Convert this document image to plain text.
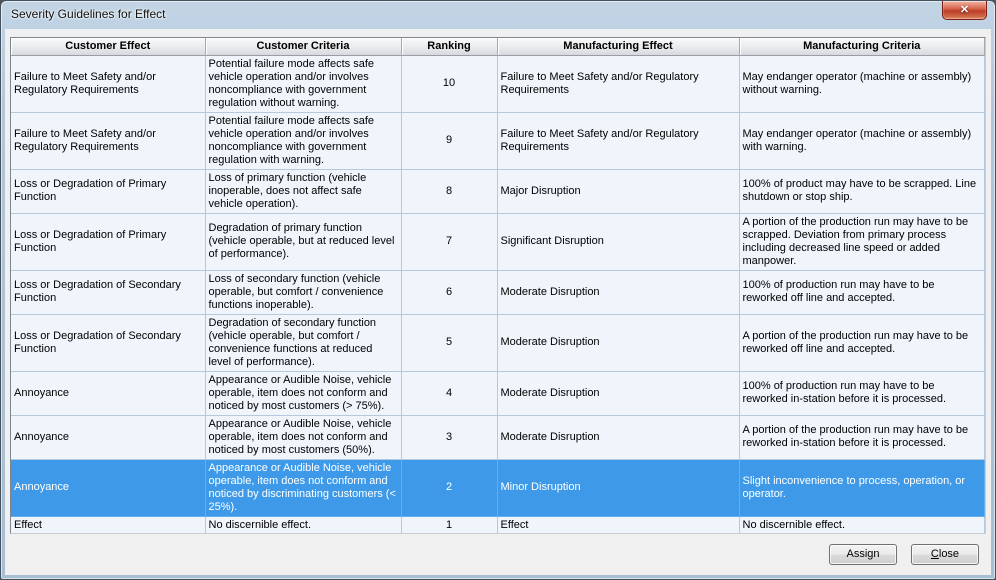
Severity Guidelines for Effect	✕
Customer Effect	Customer Criteria	Ranking	Manufacturing Effect	Manufacturing Criteria
Failure to Meet Safety and/or Regulatory Requirements	Potential failure mode affects safe vehicle operation and/or involves noncompliance with government regulation without warning.	10	Failure to Meet Safety and/or Regulatory Requirements	May endanger operator (machine or assembly) without warning.
Failure to Meet Safety and/or Regulatory Requirements	Potential failure mode affects safe vehicle operation and/or involves noncompliance with government regulation with warning.	9	Failure to Meet Safety and/or Regulatory Requirements	May endanger operator (machine or assembly) with warning.
Loss or Degradation of Primary Function	Loss of primary function (vehicle inoperable, does not affect safe vehicle operation).	8	Major Disruption	100% of product may have to be scrapped. Line shutdown or stop ship.
Loss or Degradation of Primary Function	Degradation of primary function (vehicle operable, but at reduced level of performance).	7	Significant Disruption	A portion of the production run may have to be scrapped. Deviation from primary process including decreased line speed or added manpower.
Loss or Degradation of Secondary Function	Loss of secondary function (vehicle operable, but comfort / convenience functions inoperable).	6	Moderate Disruption	100% of production run may have to be reworked off line and accepted.
Loss or Degradation of Secondary Function	Degradation of secondary function (vehicle operable, but comfort / convenience functions at reduced level of performance).	5	Moderate Disruption	A portion of the production run may have to be reworked off line and accepted.
Annoyance	Appearance or Audible Noise, vehicle operable, item does not conform and noticed by most customers (> 75%).	4	Moderate Disruption	100% of production run may have to be reworked in-station before it is processed.
Annoyance	Appearance or Audible Noise, vehicle operable, item does not conform and noticed by most customers (50%).	3	Moderate Disruption	A portion of the production run may have to be reworked in-station before it is processed.
Annoyance	Appearance or Audible Noise, vehicle operable, item does not conform and noticed by discriminating customers (< 25%).	2	Minor Disruption	Slight inconvenience to process, operation, or operator.
Effect	No discernible effect.	1	Effect	No discernible effect.
Assign	Close
